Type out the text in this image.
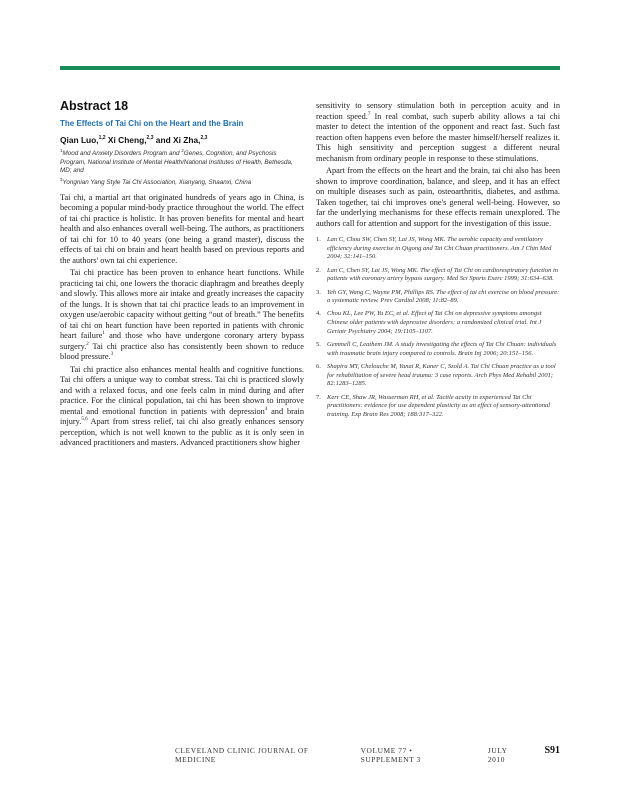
Abstract 18
The Effects of Tai Chi on the Heart and the Brain

Qian Luo,$^{1,2}$ Xi Cheng,$^{2,3}$ and Xi Zha,$^{2,3}$

$^1$Mood and Anxiety Disorders Program and $^2$Genes, Cognition, and Psychosis Program, National Institute of Mental Health/National Institutes of Health, Bethesda, MD; and

$^3$Yongnian Yang Style Tai Chi Association, Xianyang, Shaanxi, China

Tai chi, a martial art that originated hundreds of years ago in China, is becoming a popular mind-body practice throughout the world. The effect of tai chi practice is holistic. It has proven benefits for mental and heart health and also enhances overall well-being. The authors, as practitioners of tai chi for 10 to 40 years (one being a grand master), discuss the effects of tai chi on brain and heart health based on previous reports and the authors' own tai chi experience.

Tai chi practice has been proven to enhance heart functions. While practicing tai chi, one lowers the thoracic diaphragm and breathes deeply and slowly. This allows more air intake and greatly increases the capacity of the lungs. It is shown that tai chi practice leads to an improvement in oxygen use/aerobic capacity without getting “out of breath.” The benefits of tai chi on heart function have been reported in patients with chronic heart failure$^1$ and those who have undergone coronary artery bypass surgery.$^2$ Tai chi practice also has consistently been shown to reduce blood pressure.$^3$

Tai chi practice also enhances mental health and cognitive functions. Tai chi offers a unique way to combat stress. Tai chi is practiced slowly and with a relaxed focus, and one feels calm in mind during and after practice. For the clinical population, tai chi has been shown to improve mental and emotional function in patients with depression$^4$ and brain injury.$^{5,6}$ Apart from stress relief, tai chi also greatly enhances sensory perception, which is not well known to the public as it is only seen in advanced practitioners and masters. Advanced practitioners show higher

sensitivity to sensory stimulation both in perception acuity and in reaction speed.$^7$ In real combat, such superb ability allows a tai chi master to detect the intention of the opponent and react fast. Such fast reaction often happens even before the master himself/herself realizes it. This high sensitivity and perception suggest a different neural mechanism from ordinary people in response to these stimulations.

Apart from the effects on the heart and the brain, tai chi also has been shown to improve coordination, balance, and sleep, and it has an effect on multiple diseases such as pain, osteoarthritis, diabetes, and asthma. Taken together, tai chi improves one's general well-being. However, so far the underlying mechanisms for these effects remain unexplored. The authors call for attention and support for the investigation of this issue.

1. Lan C, Chou SW, Chen SY, Lai JS, Wong MK. The aerobic capacity and ventilatory efficiency during exercise in Qigong and Tai Chi Chuan practitioners. Am J Chin Med 2004; 32:141–150.
2. Lan C, Chen SY, Lai JS, Wong MK. The effect of Tai Chi on cardiorespiratory function in patients with coronary artery bypass surgery. Med Sci Sports Exerc 1999; 31:634–638.
3. Yeh GY, Wang C, Wayne PM, Phillips RS. The effect of tai chi exercise on blood pressure: a systematic review. Prev Cardiol 2008; 11:82–89.
4. Chou KL, Lee PW, Yu EC, et al. Effect of Tai Chi on depressive symptoms amongst Chinese older patients with depressive disorders: a randomized clinical trial. Int J Geriatr Psychiatry 2004; 19:1105–1107.
5. Gemmell C, Leathem JM. A study investigating the effects of Tai Chi Chuan: individuals with traumatic brain injury compared to controls. Brain Inj 2006; 20:151–156.
6. Shapira MY, Chelouche M, Yanai R, Kaner C, Szold A. Tai Chi Chuan practice as a tool for rehabilitation of severe head trauma: 3 case reports. Arch Phys Med Rehabil 2001; 82:1283–1285.
7. Kerr CE, Shaw JR, Wasserman RH, et al. Tactile acuity in experienced Tai Chi practitioners: evidence for use dependent plasticity as an effect of sensory-attentional training. Exp Brain Res 2008; 188:317–322.
CLEVELAND CLINIC JOURNAL OF MEDICINE
VOLUME 77 • SUPPLEMENT 3
JULY 2010
S91
